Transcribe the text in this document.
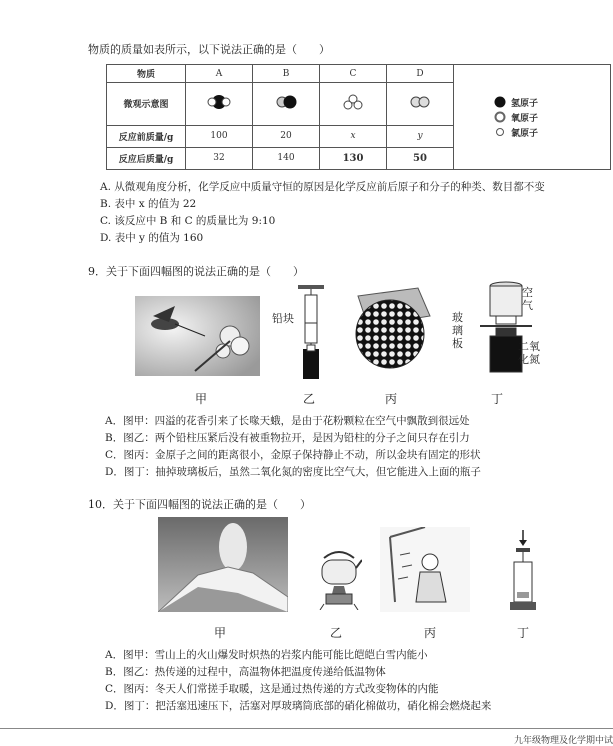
物质的质量如表所示，以下说法正确的是（　　）
物质	A	B	C	D	氢原子
氧原子
氯原子

微观示意图				
反应前质量/g	100	20	x	y	
反应后质量/g	32	140	130	50	
A. 从微观角度分析，化学反应中质量守恒的原因是化学反应前后原子和分子的种类、数目都不变
B. 表中 x 的值为 22
C. 该反应中 B 和 C 的质量比为 9:10
D. 表中 y 的值为 160
9．关于下面四幅图的说法正确的是（　　）
铅块
空
气
玻
璃
板	二氧
化氮
甲	乙	丙	丁
A．图甲：四溢的花香引来了长喙天蛾，是由于花粉颗粒在空气中飘散到很远处
B．图乙：两个铅柱压紧后没有被重物拉开，是因为铅柱的分子之间只存在引力
C．图丙：金原子之间的距离很小，金原子保持静止不动，所以金块有固定的形状
D．图丁：抽掉玻璃板后，虽然二氧化氮的密度比空气大，但它能进入上面的瓶子
10．关于下面四幅图的说法正确的是（　　）
甲	乙	丙	丁
A．图甲：雪山上的火山爆发时炽热的岩浆内能可能比皑皑白雪内能小
B．图乙：热传递的过程中，高温物体把温度传递给低温物体
C．图丙：冬天人们常搓手取暖，这是通过热传递的方式改变物体的内能
D．图丁：把活塞迅速压下，活塞对厚玻璃筒底部的硝化棉做功，硝化棉会燃烧起来
九年级物理及化学期中试
